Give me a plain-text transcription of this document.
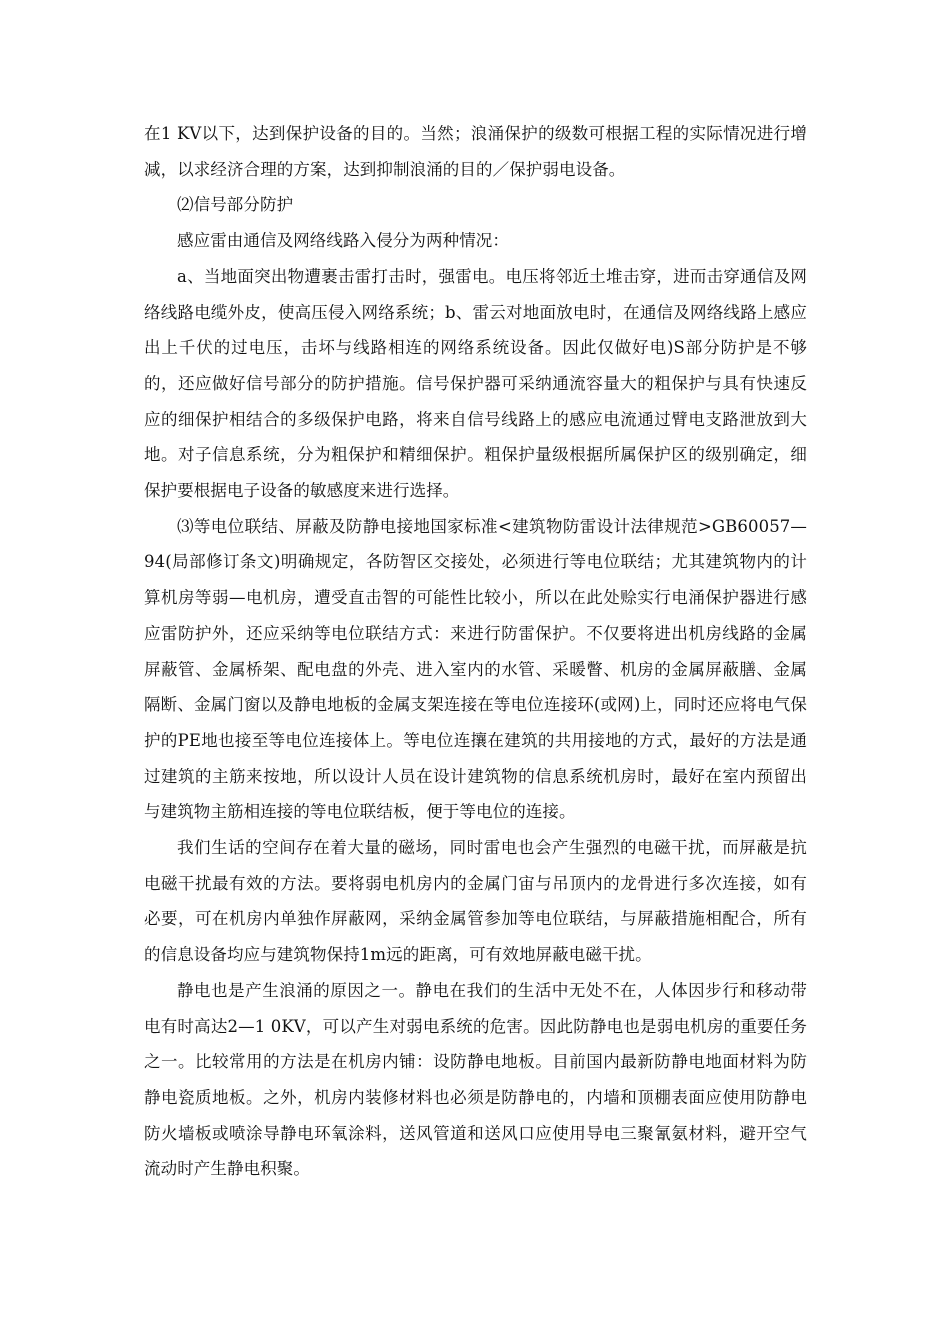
在1 KV以下，达到保护设备的目的。当然；浪涌保护的级数可根据工程的实际情况进行增减，以求经济合理的方案，达到抑制浪涌的目的／保护弱电设备。

⑵信号部分防护

感应雷由通信及网络线路入侵分为两种情况：

a、当地面突出物遭裹击雷打击时，强雷电。电压将邻近土堆击穿，进而击穿通信及网络线路电缆外皮，使高压侵入网络系统；b、雷云对地面放电时，在通信及网络线路上感应出上千伏的过电压，击坏与线路相连的网络系统设备。因此仅做好电)S部分防护是不够的，还应做好信号部分的防护措施。信号保护器可采纳通流容量大的粗保护与具有快速反应的细保护相结合的多级保护电路，将来自信号线路上的感应电流通过臂电支路泄放到大地。对子信息系统，分为粗保护和精细保护。粗保护量级根据所属保护区的级别确定，细保护要根据电子设备的敏感度来进行选择。

⑶等电位联结、屏蔽及防静电接地国家标准<建筑物防雷设计法律规范>GB60057—94(局部修订条文)明确规定，各防智区交接处，必须进行等电位联结；尤其建筑物内的计算机房等弱—电机房，遭受直击智的可能性比较小，所以在此处赊实行电涌保护器进行感应雷防护外，还应采纳等电位联结方式：来进行防雷保护。不仅要将进出机房线路的金属屏蔽管、金属桥架、配电盘的外壳、进入室内的水管、采暖瞥、机房的金属屏蔽膳、金属隔断、金属门窗以及静电地板的金属支架连接在等电位连接环(或网)上，同时还应将电气保护的PE地也接至等电位连接体上。等电位连攘在建筑的共用接地的方式，最好的方法是通过建筑的主筋来按地，所以设计人员在设计建筑物的信息系统机房时，最好在室内预留出与建筑物主筋相连接的等电位联结板，便于等电位的连接。

我们生话的空间存在着大量的磁场，同时雷电也会产生强烈的电磁干扰，而屏蔽是抗电磁干扰最有效的方法。要将弱电机房内的金属门宙与吊顶内的龙骨进行多次连接，如有必要，可在机房内单独作屏蔽网，采纳金属管参加等电位联结，与屏蔽措施相配合，所有的信息设备均应与建筑物保持1m远的距离，可有效地屏蔽电磁干扰。

静电也是产生浪涌的原因之一。静电在我们的生活中无处不在，人体因步行和移动带电有时高达2—1 0KV，可以产生对弱电系统的危害。因此防静电也是弱电机房的重要任务之一。比较常用的方法是在机房内铺：设防静电地板。目前国内最新防静电地面材料为防静电瓷质地板。之外，机房内装修材料也必须是防静电的，内墙和顶棚表面应使用防静电防火墙板或喷涂导静电环氧涂料，送风管道和送风口应使用导电三聚氰氨材料，避开空气流动时产生静电积聚。
